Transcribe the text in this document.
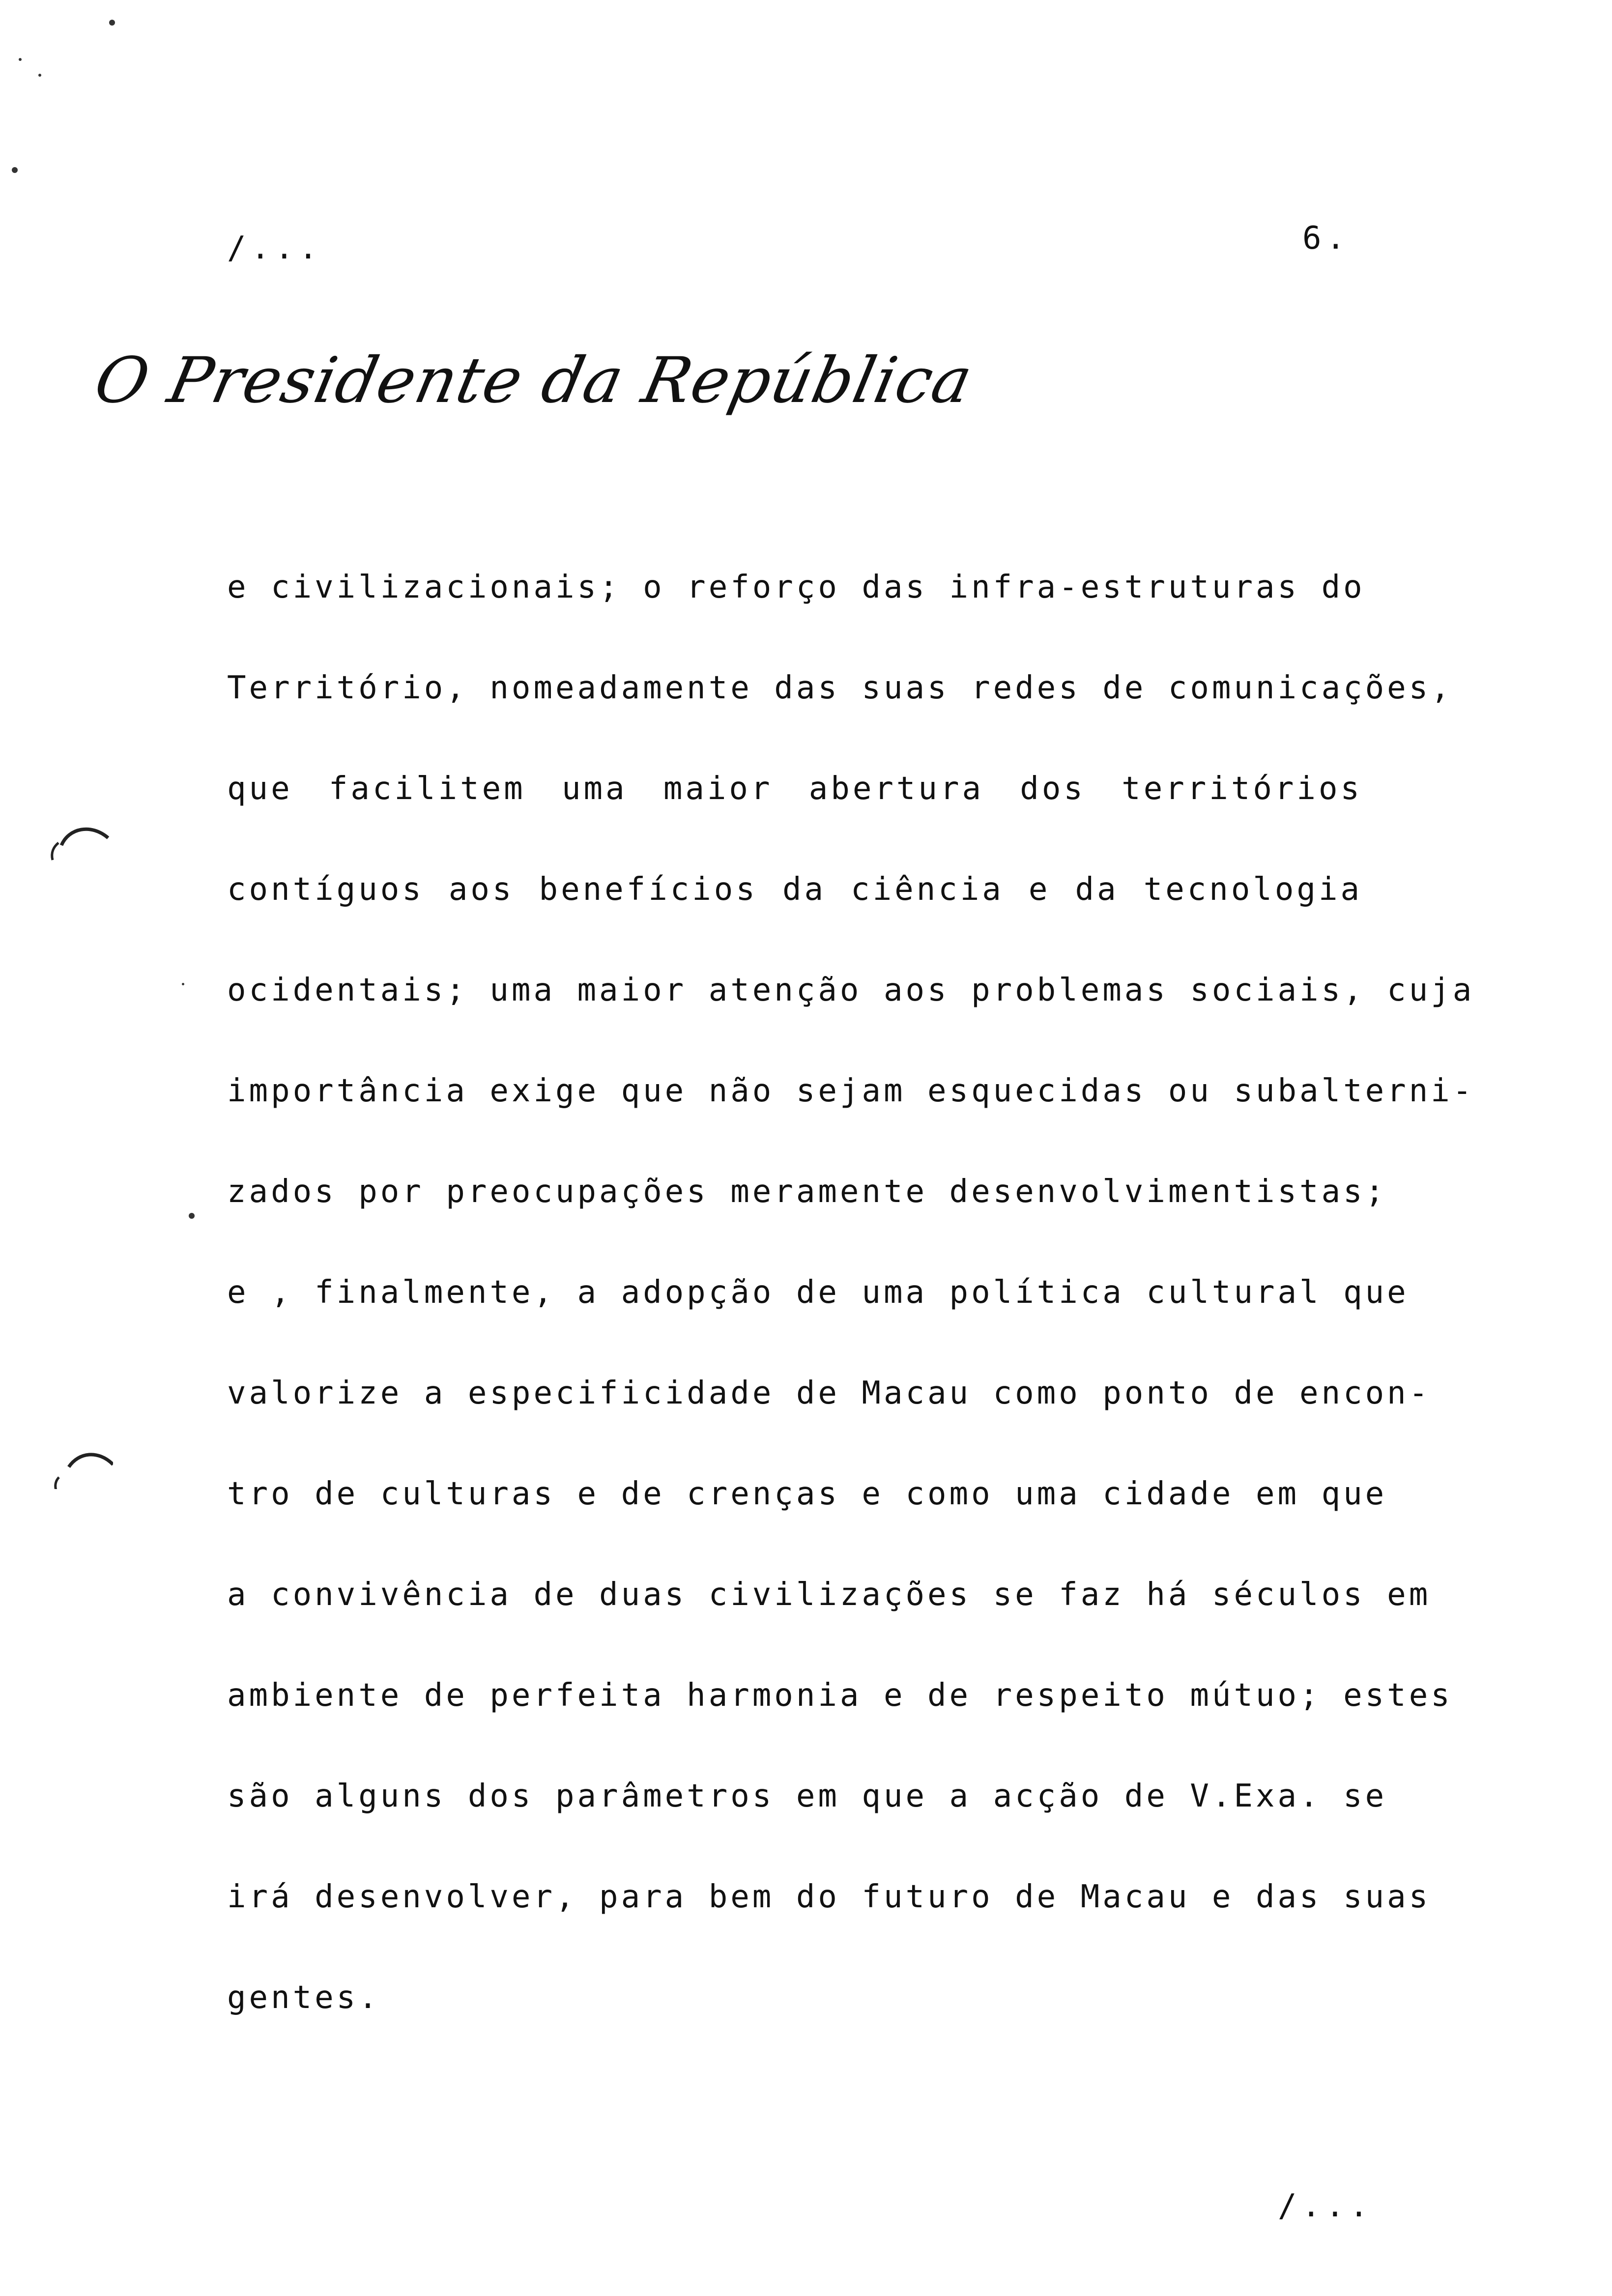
/...	6.
O Presidente da República
e civilizacionais; o reforço das infra-estruturas do
Território, nomeadamente das suas redes de comunicações,
que facilitem uma maior abertura dos territórios
contíguos aos benefícios da ciência e da tecnologia
ocidentais; uma maior atenção aos problemas sociais, cuja
importância exige que não sejam esquecidas ou subalterni-
zados por preocupações meramente desenvolvimentistas;
e , finalmente, a adopção de uma política cultural que
valorize a especificidade de Macau como ponto de encon-
tro de culturas e de crenças e como uma cidade em que
a convivência de duas civilizações se faz há séculos em
ambiente de perfeita harmonia e de respeito mútuo; estes
são alguns dos parâmetros em que a acção de V.Exa. se
irá desenvolver, para bem do futuro de Macau e das suas
gentes.
/...
